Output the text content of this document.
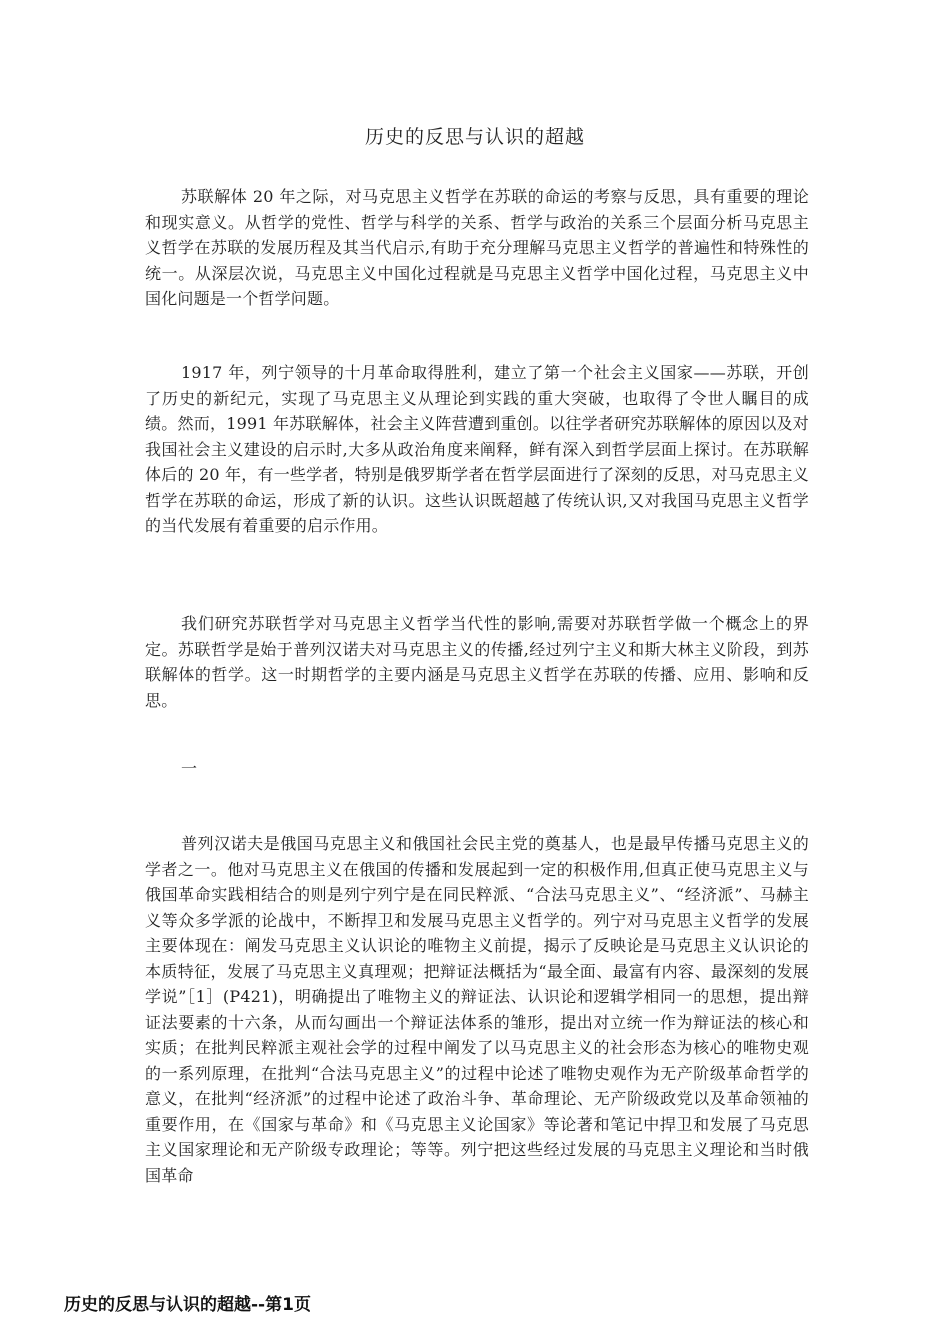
历史的反思与认识的超越

苏联解体 20 年之际，对马克思主义哲学在苏联的命运的考察与反思，具有重要的理论和现实意义。从哲学的党性、哲学与科学的关系、哲学与政治的关系三个层面分析马克思主义哲学在苏联的发展历程及其当代启示,有助于充分理解马克思主义哲学的普遍性和特殊性的统一。从深层次说，马克思主义中国化过程就是马克思主义哲学中国化过程，马克思主义中国化问题是一个哲学问题。

1917 年，列宁领导的十月革命取得胜利，建立了第一个社会主义国家——苏联，开创了历史的新纪元，实现了马克思主义从理论到实践的重大突破，也取得了令世人瞩目的成绩。然而，1991 年苏联解体，社会主义阵营遭到重创。以往学者研究苏联解体的原因以及对我国社会主义建设的启示时,大多从政治角度来阐释，鲜有深入到哲学层面上探讨。在苏联解体后的 20 年，有一些学者，特别是俄罗斯学者在哲学层面进行了深刻的反思，对马克思主义哲学在苏联的命运，形成了新的认识。这些认识既超越了传统认识,又对我国马克思主义哲学的当代发展有着重要的启示作用。

我们研究苏联哲学对马克思主义哲学当代性的影响,需要对苏联哲学做一个概念上的界定。苏联哲学是始于普列汉诺夫对马克思主义的传播,经过列宁主义和斯大林主义阶段，到苏联解体的哲学。这一时期哲学的主要内涵是马克思主义哲学在苏联的传播、应用、影响和反思。

一

普列汉诺夫是俄国马克思主义和俄国社会民主党的奠基人，也是最早传播马克思主义的学者之一。他对马克思主义在俄国的传播和发展起到一定的积极作用,但真正使马克思主义与俄国革命实践相结合的则是列宁列宁是在同民粹派、“合法马克思主义”、“经济派”、马赫主义等众多学派的论战中，不断捍卫和发展马克思主义哲学的。列宁对马克思主义哲学的发展主要体现在：阐发马克思主义认识论的唯物主义前提，揭示了反映论是马克思主义认识论的本质特征，发展了马克思主义真理观；把辩证法概括为“最全面、最富有内容、最深刻的发展学说”［1］(P421)，明确提出了唯物主义的辩证法、认识论和逻辑学相同一的思想，提出辩证法要素的十六条，从而勾画出一个辩证法体系的雏形，提出对立统一作为辩证法的核心和实质；在批判民粹派主观社会学的过程中阐发了以马克思主义的社会形态为核心的唯物史观的一系列原理，在批判“合法马克思主义”的过程中论述了唯物史观作为无产阶级革命哲学的意义，在批判“经济派”的过程中论述了政治斗争、革命理论、无产阶级政党以及革命领袖的重要作用，在《国家与革命》和《马克思主义论国家》等论著和笔记中捍卫和发展了马克思主义国家理论和无产阶级专政理论；等等。列宁把这些经过发展的马克思主义理论和当时俄国革命

历史的反思与认识的超越--第1页
